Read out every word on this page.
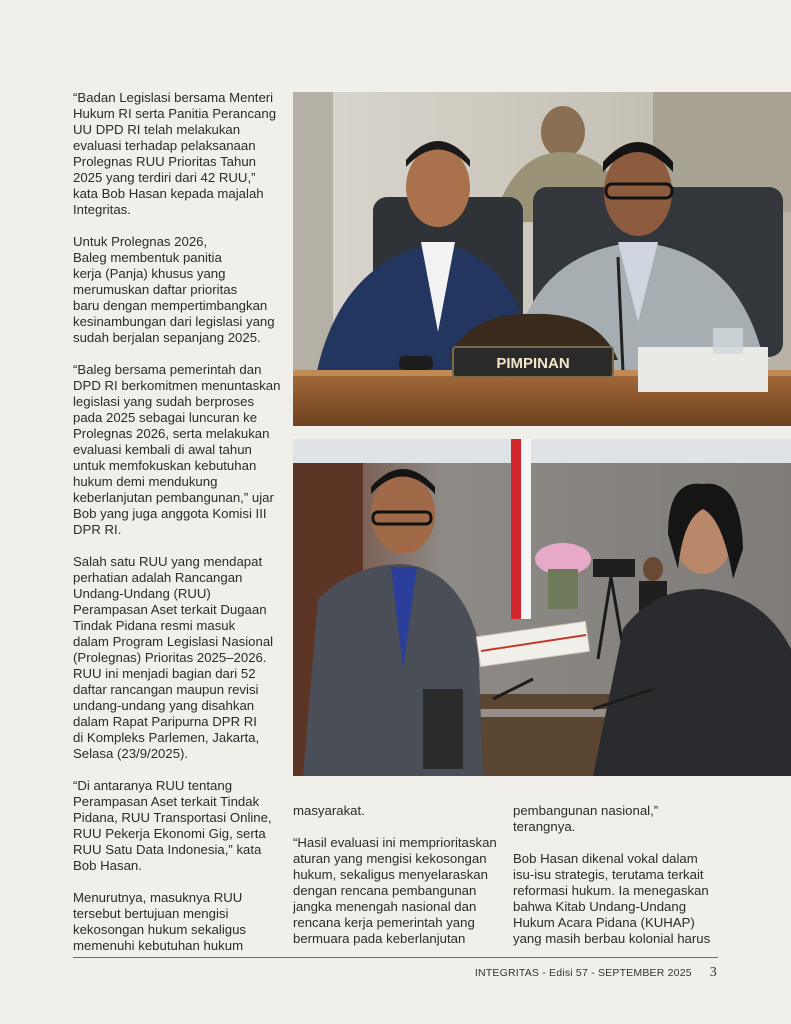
“Badan Legislasi bersama Menteri
Hukum RI serta Panitia Perancang
UU DPD RI telah melakukan
evaluasi terhadap pelaksanaan
Prolegnas RUU Prioritas Tahun
2025 yang terdiri dari 42 RUU,”
kata Bob Hasan kepada majalah
Integritas.

Untuk Prolegnas 2026,
Baleg membentuk panitia
kerja (Panja) khusus yang
merumuskan daftar prioritas
baru dengan mempertimbangkan
kesinambungan dari legislasi yang
sudah berjalan sepanjang 2025.

“Baleg bersama pemerintah dan
DPD RI berkomitmen menuntaskan
legislasi yang sudah berproses
pada 2025 sebagai luncuran ke
Prolegnas 2026, serta melakukan
evaluasi kembali di awal tahun
untuk memfokuskan kebutuhan
hukum demi mendukung
keberlanjutan pembangunan,” ujar
Bob yang juga anggota Komisi III
DPR RI.

Salah satu RUU yang mendapat
perhatian adalah Rancangan
Undang-Undang (RUU)
Perampasan Aset terkait Dugaan
Tindak Pidana resmi masuk
dalam Program Legislasi Nasional
(Prolegnas) Prioritas 2025–2026.
RUU ini menjadi bagian dari 52
daftar rancangan maupun revisi
undang-undang yang disahkan
dalam Rapat Paripurna DPR RI
di Kompleks Parlemen, Jakarta,
Selasa (23/9/2025).

“Di antaranya RUU tentang
Perampasan Aset terkait Tindak
Pidana, RUU Transportasi Online,
RUU Pekerja Ekonomi Gig, serta
RUU Satu Data Indonesia,” kata
Bob Hasan.

Menurutnya, masuknya RUU
tersebut bertujuan mengisi
kekosongan hukum sekaligus
memenuhi kebutuhan hukum

PIMPINAN

masyarakat.

“Hasil evaluasi ini memprioritaskan
aturan yang mengisi kekosongan
hukum, sekaligus menyelaraskan
dengan rencana pembangunan
jangka menengah nasional dan
rencana kerja pemerintah yang
bermuara pada keberlanjutan

pembangunan nasional,”
terangnya.

Bob Hasan dikenal vokal dalam
isu-isu strategis, terutama terkait
reformasi hukum. Ia menegaskan
bahwa Kitab Undang-Undang
Hukum Acara Pidana (KUHAP)
yang masih berbau kolonial harus

INTEGRITAS - Edisi 57 - SEPTEMBER 2025 3
